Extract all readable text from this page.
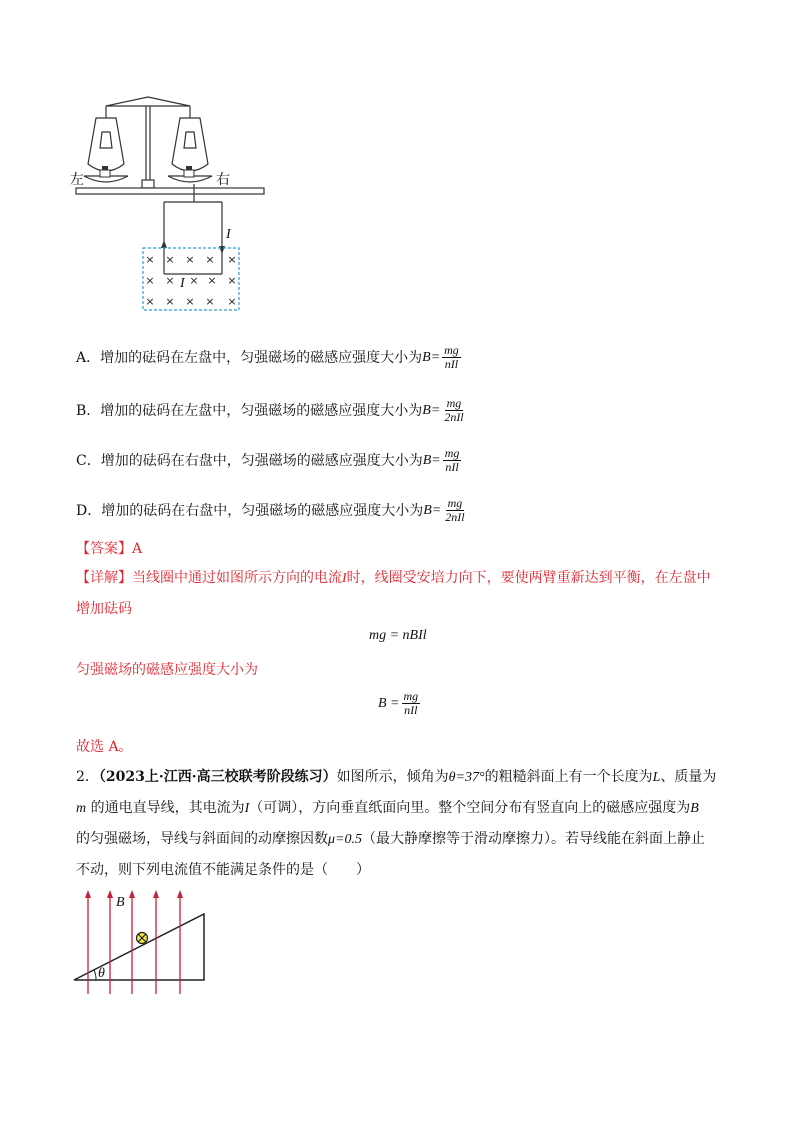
× × × × ×
× × × × ×
× × × × ×
I
I
左	右
A． 增加的砝码在左盘中，匀强磁场的磁感应强度大小为 $B = \frac{mg}{\text{nIl}}$
B． 增加的砝码在左盘中，匀强磁场的磁感应强度大小为 $B = \frac{mg}{\text{2nIl}}$
C． 增加的砝码在右盘中，匀强磁场的磁感应强度大小为 $B = \frac{mg}{\text{nIl}}$
D． 增加的砝码在右盘中，匀强磁场的磁感应强度大小为 $B = \frac{mg}{\text{2nIl}}$
【答案】A
【详解】当线圈中通过如图所示方向的电流I时，线圈受安培力向下，要使两臂重新达到平衡，在左盘中
增加砝码
mg = nBIl
匀强磁场的磁感应强度大小为
$B = \frac{mg}{\text{nIl}}$
故选 A。
2．（2023上·江西·高三校联考阶段练习）如图所示，倾角为θ=37°的粗糙斜面上有一个长度为L、质量为
m 的通电直导线，其电流为I（可调），方向垂直纸面向里。整个空间分布有竖直向上的磁感应强度为B
的匀强磁场，导线与斜面间的动摩擦因数μ=0.5（最大静摩擦等于滑动摩擦力）。若导线能在斜面上静止
不动，则下列电流值不能满足条件的是（　　）
B
θ
